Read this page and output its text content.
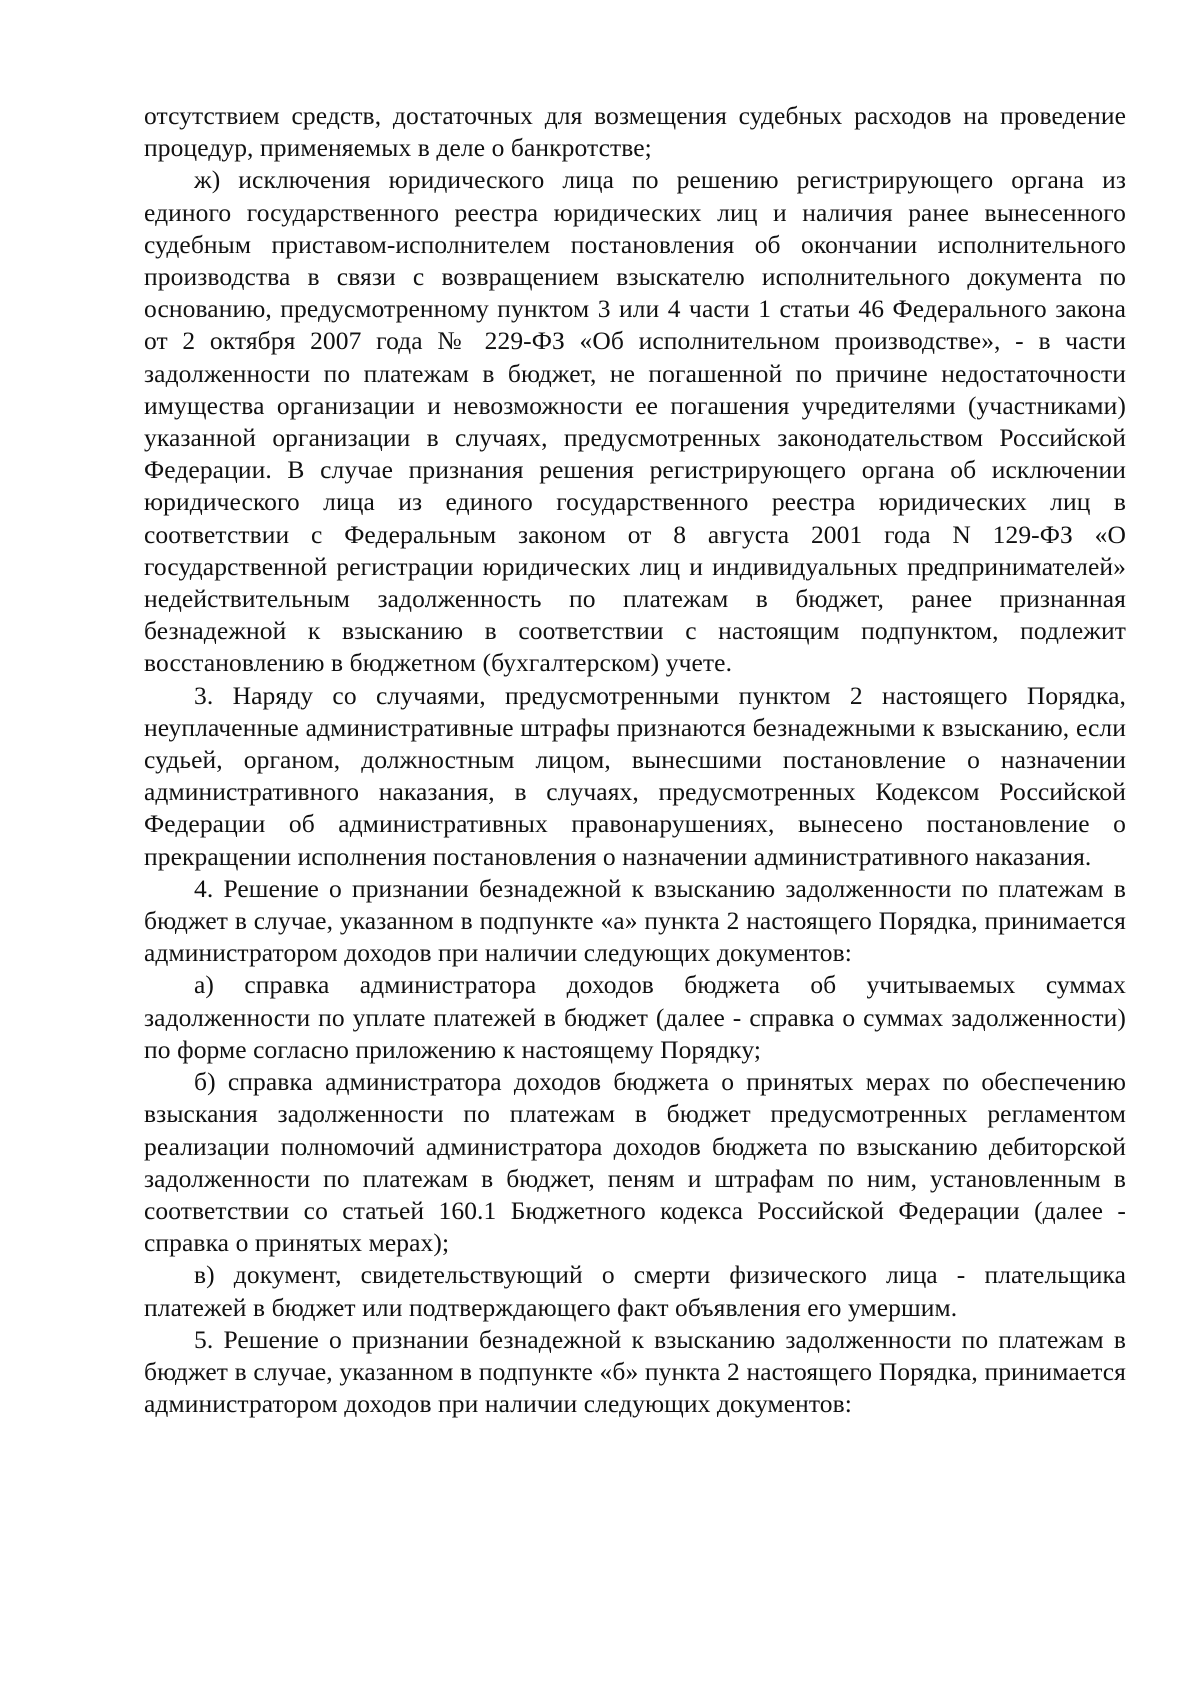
отсутствием средств, достаточных для возмещения судебных расходов на проведение процедур, применяемых в деле о банкротстве;

ж) исключения юридического лица по решению регистрирующего органа из единого государственного реестра юридических лиц и наличия ранее вынесенного судебным приставом-исполнителем постановления об окончании исполнительного производства в связи с возвращением взыскателю исполнительного документа по основанию, предусмотренному пунктом 3 или 4 части 1 статьи 46 Федерального закона от 2 октября 2007 года № 229-ФЗ «Об исполнительном производстве», - в части задолженности по платежам в бюджет, не погашенной по причине недостаточности имущества организации и невозможности ее погашения учредителями (участниками) указанной организации в случаях, предусмотренных законодательством Российской Федерации. В случае признания решения регистрирующего органа об исключении юридического лица из единого государственного реестра юридических лиц в соответствии с Федеральным законом от 8 августа 2001 года N 129-ФЗ «О государственной регистрации юридических лиц и индивидуальных предпринимателей» недействительным задолженность по платежам в бюджет, ранее признанная безнадежной к взысканию в соответствии с настоящим подпунктом, подлежит восстановлению в бюджетном (бухгалтерском) учете.

3. Наряду со случаями, предусмотренными пунктом 2 настоящего Порядка, неуплаченные административные штрафы признаются безнадежными к взысканию, если судьей, органом, должностным лицом, вынесшими постановление о назначении административного наказания, в случаях, предусмотренных Кодексом Российской Федерации об административных правонарушениях, вынесено постановление о прекращении исполнения постановления о назначении административного наказания.

4. Решение о признании безнадежной к взысканию задолженности по платежам в бюджет в случае, указанном в подпункте «а» пункта 2 настоящего Порядка, принимается администратором доходов при наличии следующих документов:

а) справка администратора доходов бюджета об учитываемых суммах задолженности по уплате платежей в бюджет (далее - справка о суммах задолженности) по форме согласно приложению к настоящему Порядку;

б) справка администратора доходов бюджета о принятых мерах по обеспечению взыскания задолженности по платежам в бюджет предусмотренных регламентом реализации полномочий администратора доходов бюджета по взысканию дебиторской задолженности по платежам в бюджет, пеням и штрафам по ним, установленным в соответствии со статьей 160.1 Бюджетного кодекса Российской Федерации (далее - справка о принятых мерах);

в) документ, свидетельствующий о смерти физического лица - плательщика платежей в бюджет или подтверждающего факт объявления его умершим.

5. Решение о признании безнадежной к взысканию задолженности по платежам в бюджет в случае, указанном в подпункте «б» пункта 2 настоящего Порядка, принимается администратором доходов при наличии следующих документов:
